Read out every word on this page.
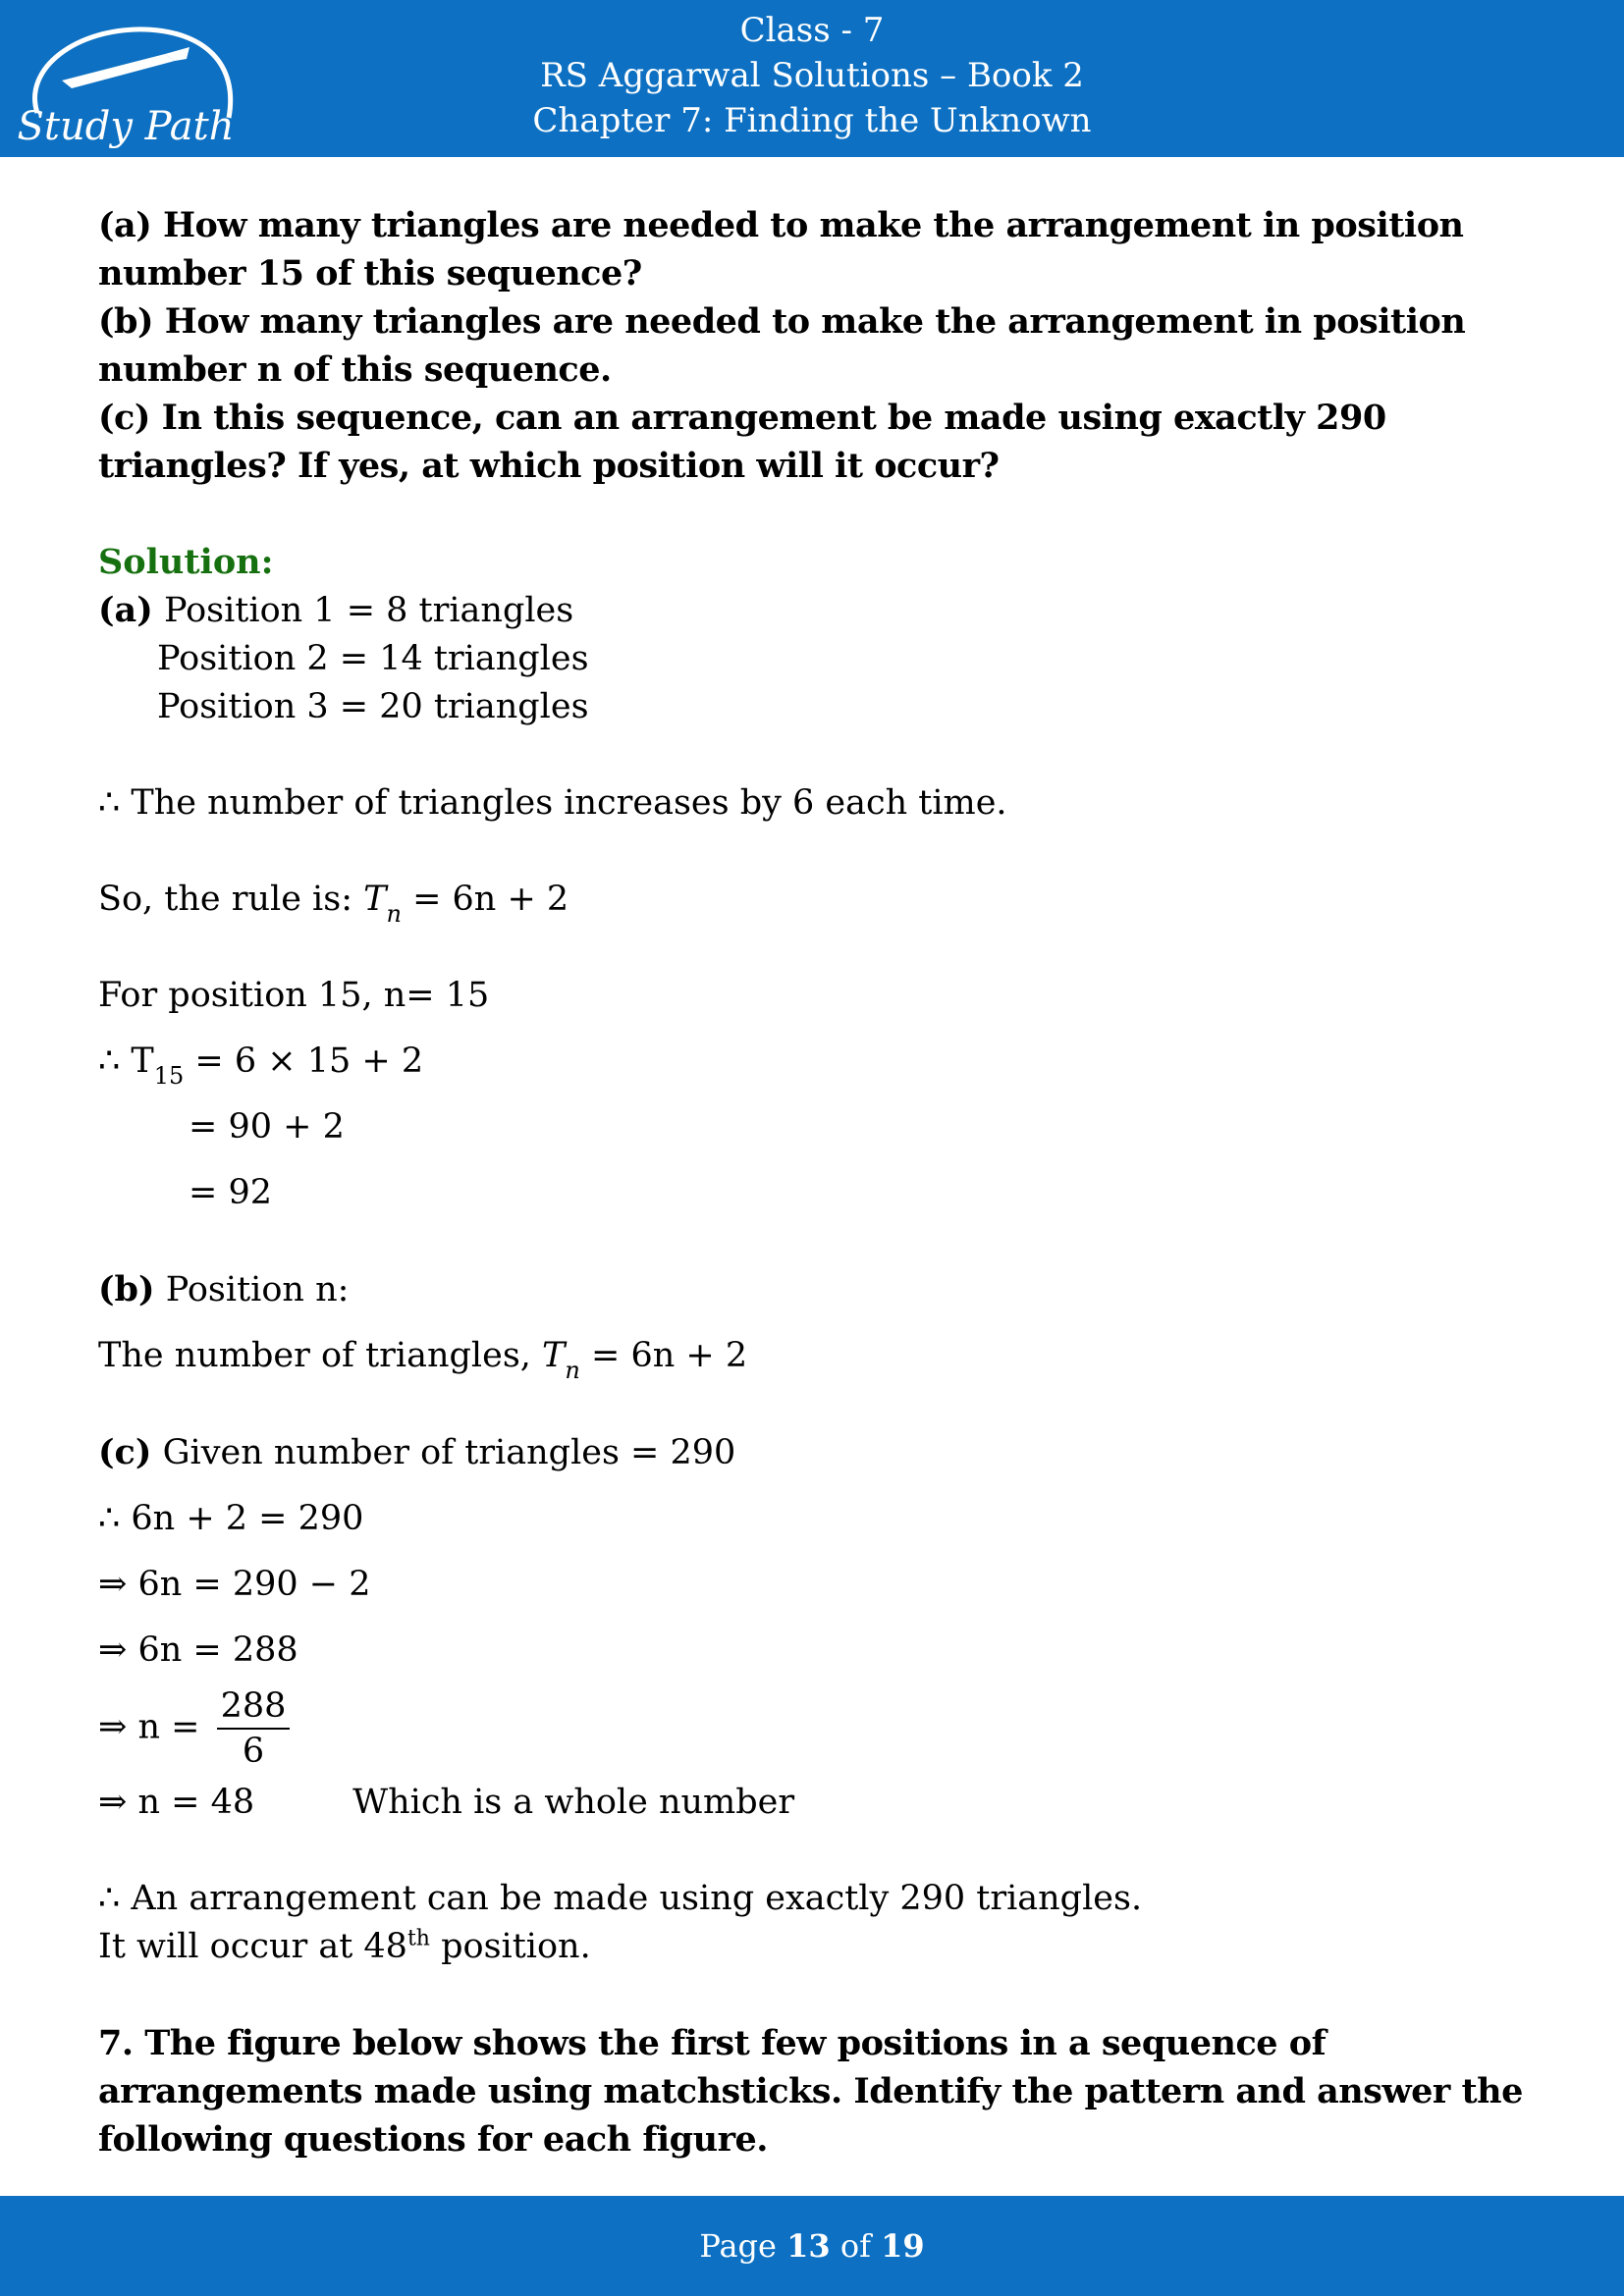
Study Path
Class - 7
RS Aggarwal Solutions – Book 2
Chapter 7: Finding the Unknown
(a) How many triangles are needed to make the arrangement in position number 15 of this sequence?
(b) How many triangles are needed to make the arrangement in position number n of this sequence.
(c) In this sequence, can an arrangement be made using exactly 290 triangles? If yes, at which position will it occur?
Solution:
(a) Position 1 = 8 triangles
Position 2 = 14 triangles
Position 3 = 20 triangles
∴ The number of triangles increases by 6 each time.
So, the rule is: $T_n = 6n + 2$
For position 15, n= 15
∴ $T_{15} = 6 \times 15 + 2$
= 90 + 2
= 92
(b) Position n:
The number of triangles, $T_n = 6n + 2$
(c) Given number of triangles = 290
∴ 6n + 2 = 290
⇒ 6n = 290 − 2
⇒ 6n = 288
⇒ $n = \frac{288}{6}$
⇒ n = 48	Which is a whole number
∴ An arrangement can be made using exactly 290 triangles.
It will occur at 48th position.
7. The figure below shows the first few positions in a sequence of arrangements made using matchsticks. Identify the pattern and answer the following questions for each figure.
Page 13 of 19
